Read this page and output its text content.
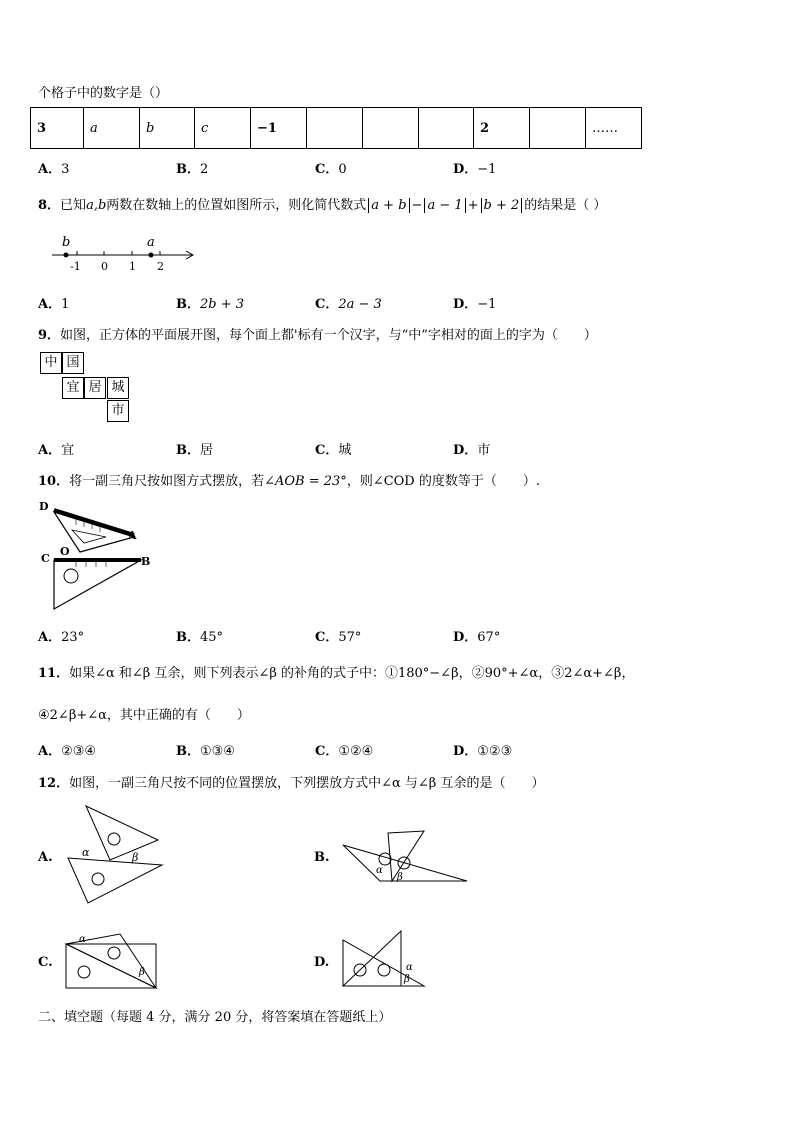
个格子中的数字是（）
3	a	b	c	−1				2		……
A．3	B．2	C．0	D．−1
8．已知a,b两数在数轴上的位置如图所示，则化简代数式 a + b − a − 1 + b + 2 的结果是（ ）
b	a
-1 0 1 2
A．1	B．2b + 3	C．2a − 3	D．−1
9．如图，正方体的平面展开图，每个面上都'标有一个汉字，与“中”字相对的面上的字为（　　）
中 国
宜 居 城
市
A．宜	B．居	C．城	D．市
10．将一副三角尺按如图方式摆放，若∠AOB = 23°，则∠COD 的度数等于（　　）.
D
A
C
O
B
A．23°	B．45°	C．57°	D．67°
11．如果∠α 和∠β 互余，则下列表示∠β 的补角的式子中：①180°−∠β，②90°+∠α，③2∠α+∠β，
④2∠β+∠α，其中正确的有（　　）
A．②③④	B．①③④	C．①②④	D．①②③
12．如图，一副三角尺按不同的位置摆放，下列摆放方式中∠α 与∠β 互余的是（　　）
A.	α	β	B.
α
β
C.
α
β
D.	α
β
二、填空题（每题 4 分，满分 20 分，将答案填在答题纸上）
